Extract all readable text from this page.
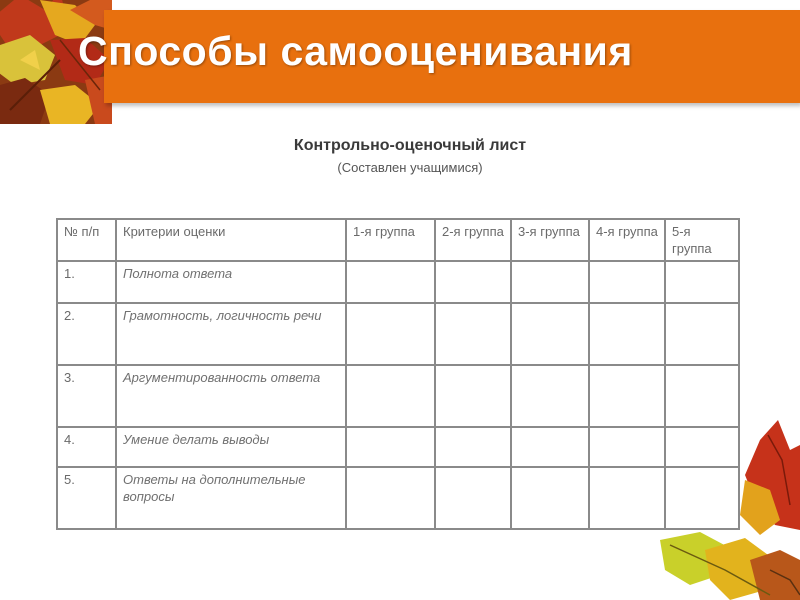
Способы самооценивания
Контрольно-оценочный лист
(Составлен учащимися)
№ п/п	Критерии оценки	1-я группа	2-я группа	3-я группа	4-я группа	5-я группа
1.	Полнота ответа					
2.	Грамотность, логичность речи					
3.	Аргументированность ответа					
4.	Умение делать выводы					
5.	Ответы на дополнительные вопросы					
